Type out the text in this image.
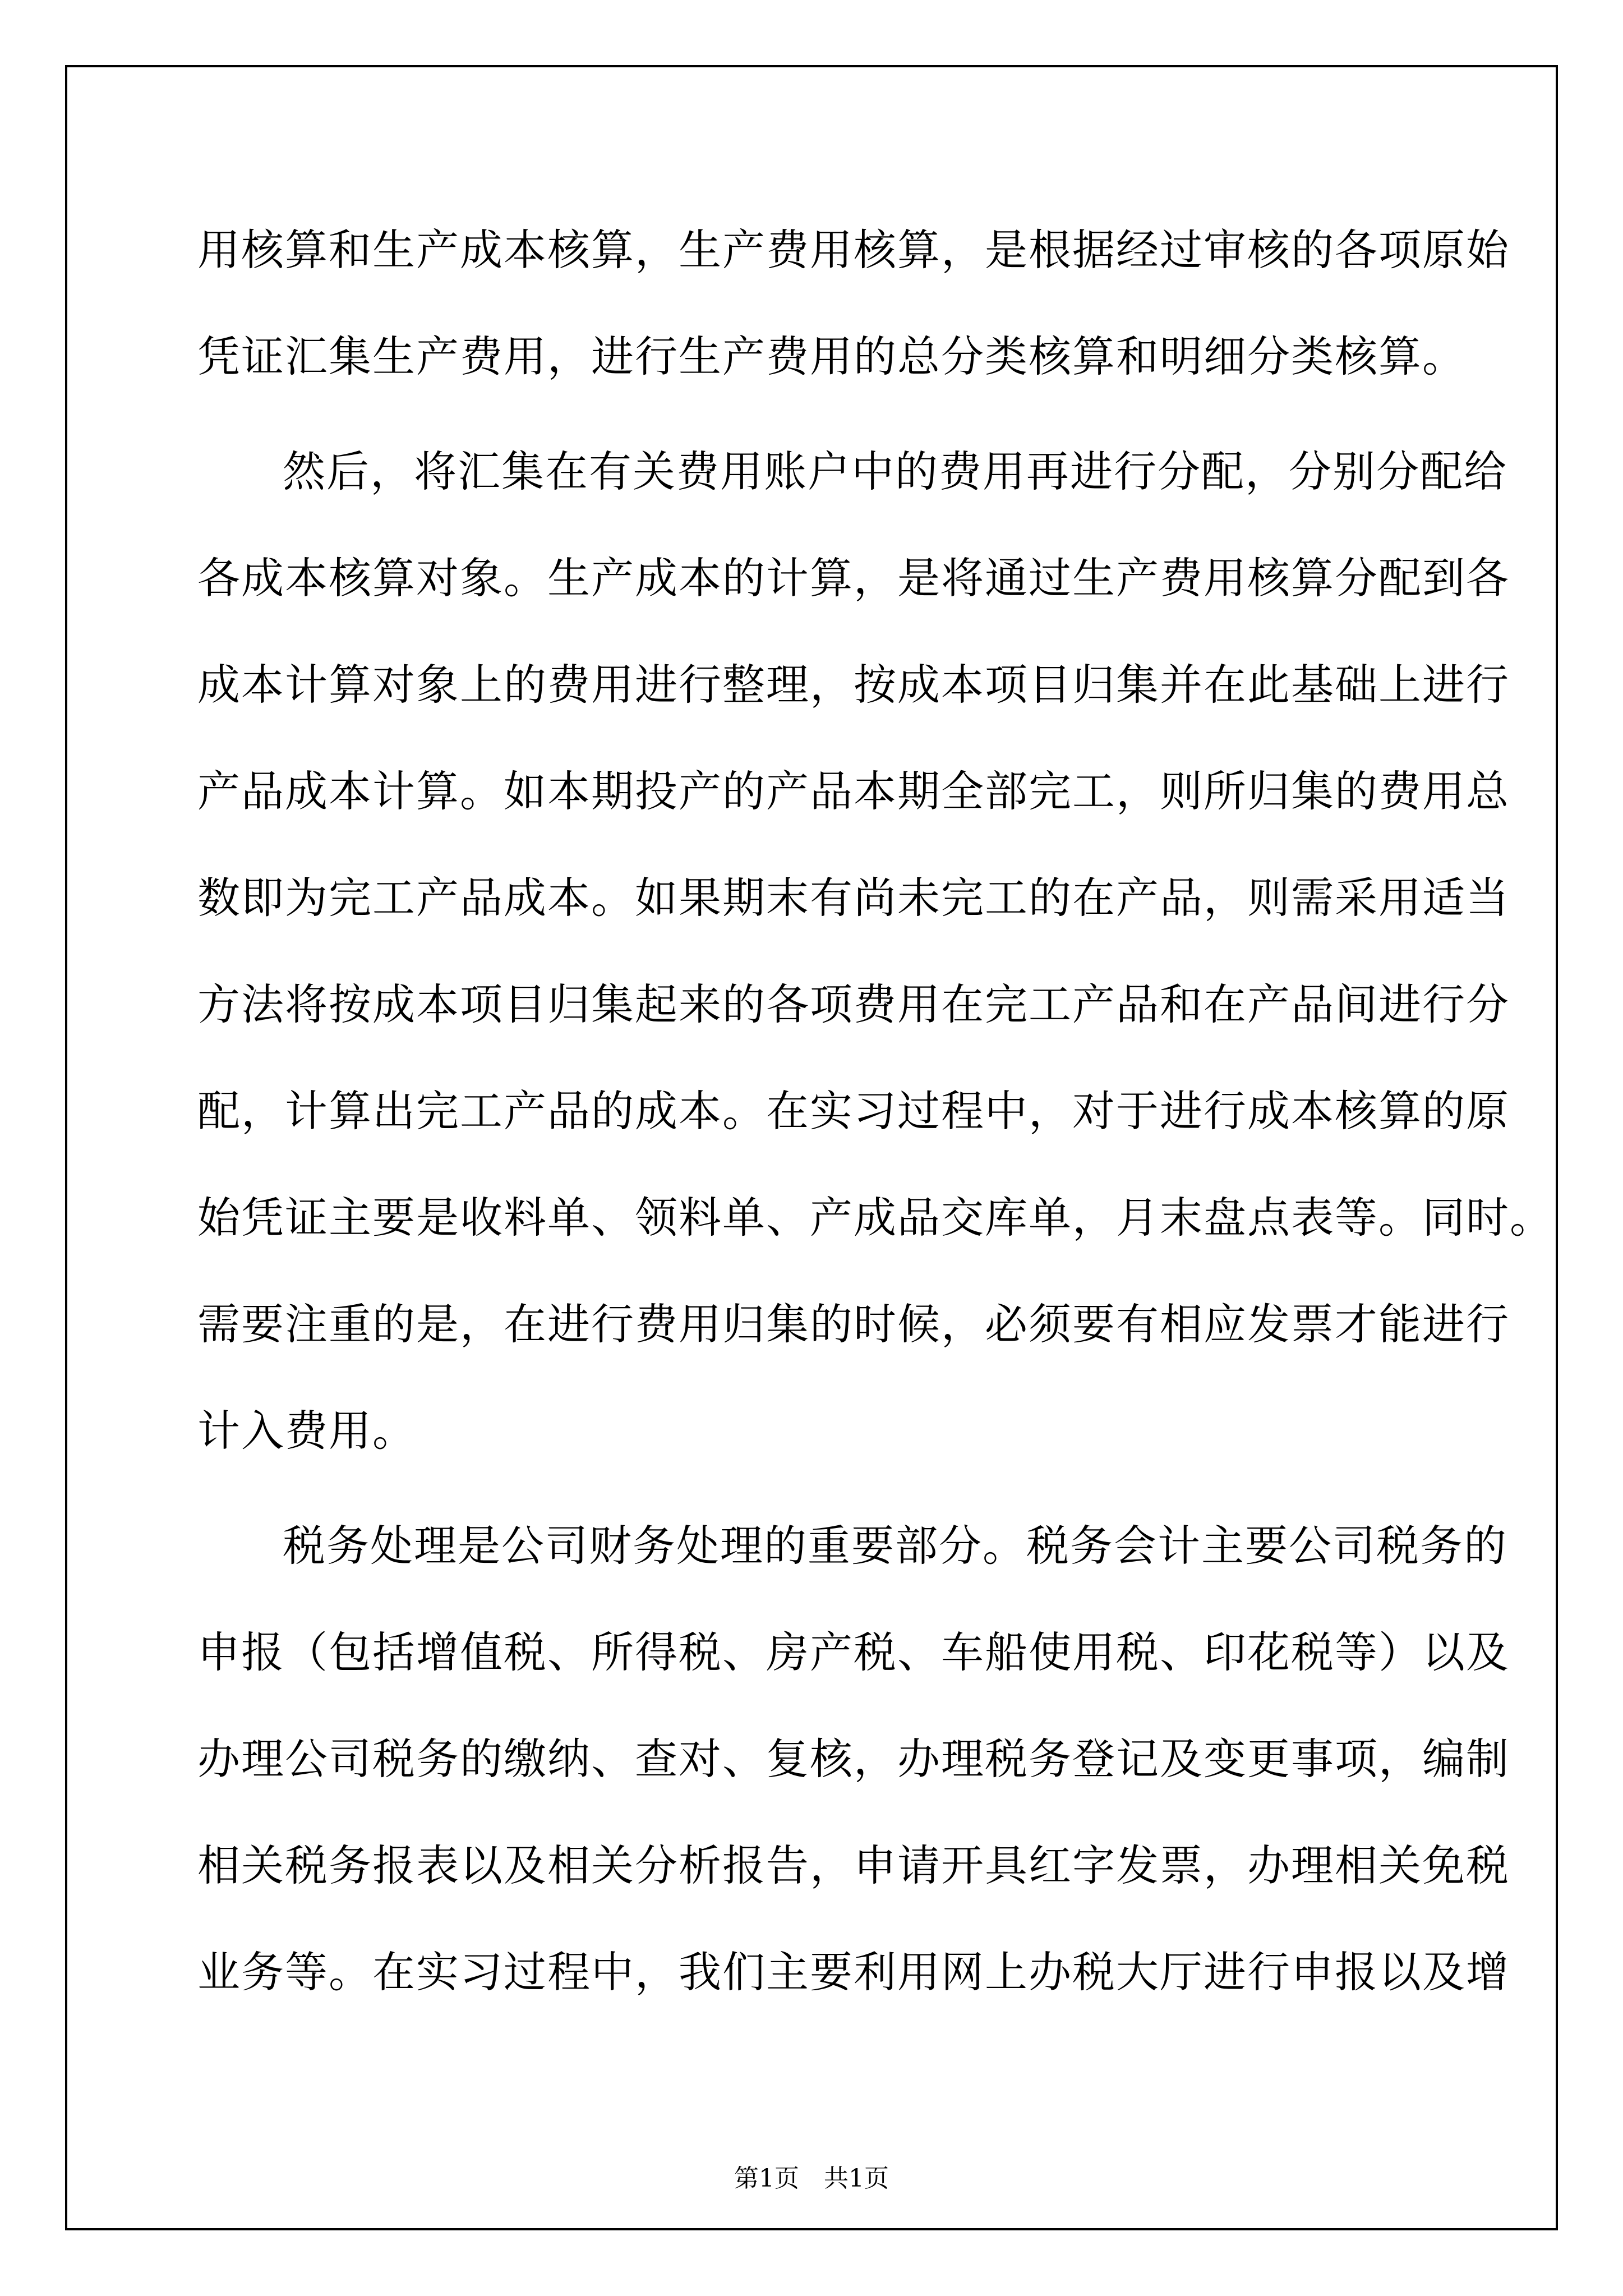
用核算和生产成本核算，生产费用核算，是根据经过审核的各项原始
凭证汇集生产费用，进行生产费用的总分类核算和明细分类核算。
然后，将汇集在有关费用账户中的费用再进行分配，分别分配给
各成本核算对象。生产成本的计算，是将通过生产费用核算分配到各
成本计算对象上的费用进行整理，按成本项目归集并在此基础上进行
产品成本计算。如本期投产的产品本期全部完工，则所归集的费用总
数即为完工产品成本。如果期末有尚未完工的在产品，则需采用适当
方法将按成本项目归集起来的各项费用在完工产品和在产品间进行分
配，计算出完工产品的成本。在实习过程中，对于进行成本核算的原
始凭证主要是收料单、领料单、产成品交库单，月末盘点表等。同时。
需要注重的是，在进行费用归集的时候，必须要有相应发票才能进行
计入费用。
税务处理是公司财务处理的重要部分。税务会计主要公司税务的
申报（包括增值税、所得税、房产税、车船使用税、印花税等）以及
办理公司税务的缴纳、查对、复核，办理税务登记及变更事项，编制
相关税务报表以及相关分析报告，申请开具红字发票，办理相关免税
业务等。在实习过程中，我们主要利用网上办税大厅进行申报以及增
第1页　共1页
